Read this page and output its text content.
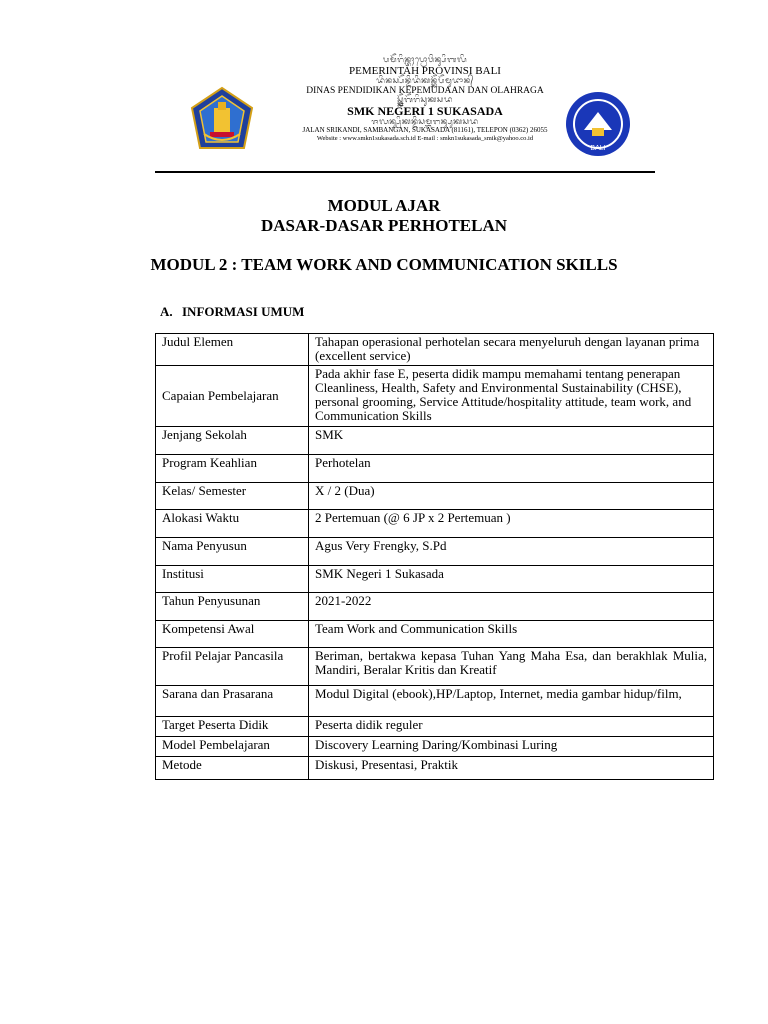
ᬧᬫᭂᬭᬶᬦ᭄ᬢᬄᬧ᭄ᬭᭀᬯᬶᬦ᭄ᬲᬶᬩᬮᬶ
PEMERINTAH PROVINSI BALI
ᬤᬶᬦᬲ᭄ᬧᭂᬦ᭄ᬤᬶᬤᬶᬓᬦ᭄ᬓᭂᬧᭂᬫᬸᬤᬵᬦ᭄
DINAS PENDIDIKAN KEPEMUDAAN DAN OLAHRAGA
ᬲ᭄ᬫ᭄ᬓ᭄ᬦᭂᬕᭂᬭᬶᬲᬸᬓᬲᬤ
SMK NEGERI 1 SUKASADA
ᬚᬮᬦ᭄ᬲ᭄ᬭᬶᬓᬦ᭄ᬤᬶᬲᬫ᭄ᬩᬗᬦ᭄ᬲᬸᬓᬲᬤ
JALAN SRIKANDI, SAMBANGAN, SUKASADA (81161), TELEPON (0362) 26055
Website : www.smkn1sukasada.sch.id E-mail : smkn1sukasada_smik@yahoo.co.id
BALI
MODUL AJAR
DASAR-DASAR PERHOTELAN
MODUL 2 : TEAM WORK AND COMMUNICATION SKILLS
A. INFORMASI UMUM
Judul Elemen	Tahapan operasional perhotelan secara menyeluruh dengan layanan prima (excellent service)
Capaian Pembelajaran	Pada akhir fase E, peserta didik mampu memahami tentang penerapan Cleanliness, Health, Safety and Environmental Sustainability (CHSE), personal grooming, Service Attitude/hospitality attitude, team work, and Communication Skills
Jenjang Sekolah	SMK
Program Keahlian	Perhotelan
Kelas/ Semester	X / 2 (Dua)
Alokasi Waktu	2 Pertemuan (@ 6 JP x 2 Pertemuan )
Nama Penyusun	Agus Very Frengky, S.Pd
Institusi	SMK Negeri 1 Sukasada
Tahun Penyusunan	2021-2022
Kompetensi Awal	Team Work and Communication Skills
Profil Pelajar Pancasila	Beriman, bertakwa kepasa Tuhan Yang Maha Esa, dan berakhlak Mulia, Mandiri, Beralar Kritis dan Kreatif
Sarana dan Prasarana	Modul Digital (ebook),HP/Laptop, Internet, media gambar hidup/film,
Target Peserta Didik	Peserta didik reguler
Model Pembelajaran	Discovery Learning Daring/Kombinasi Luring
Metode	Diskusi, Presentasi, Praktik
